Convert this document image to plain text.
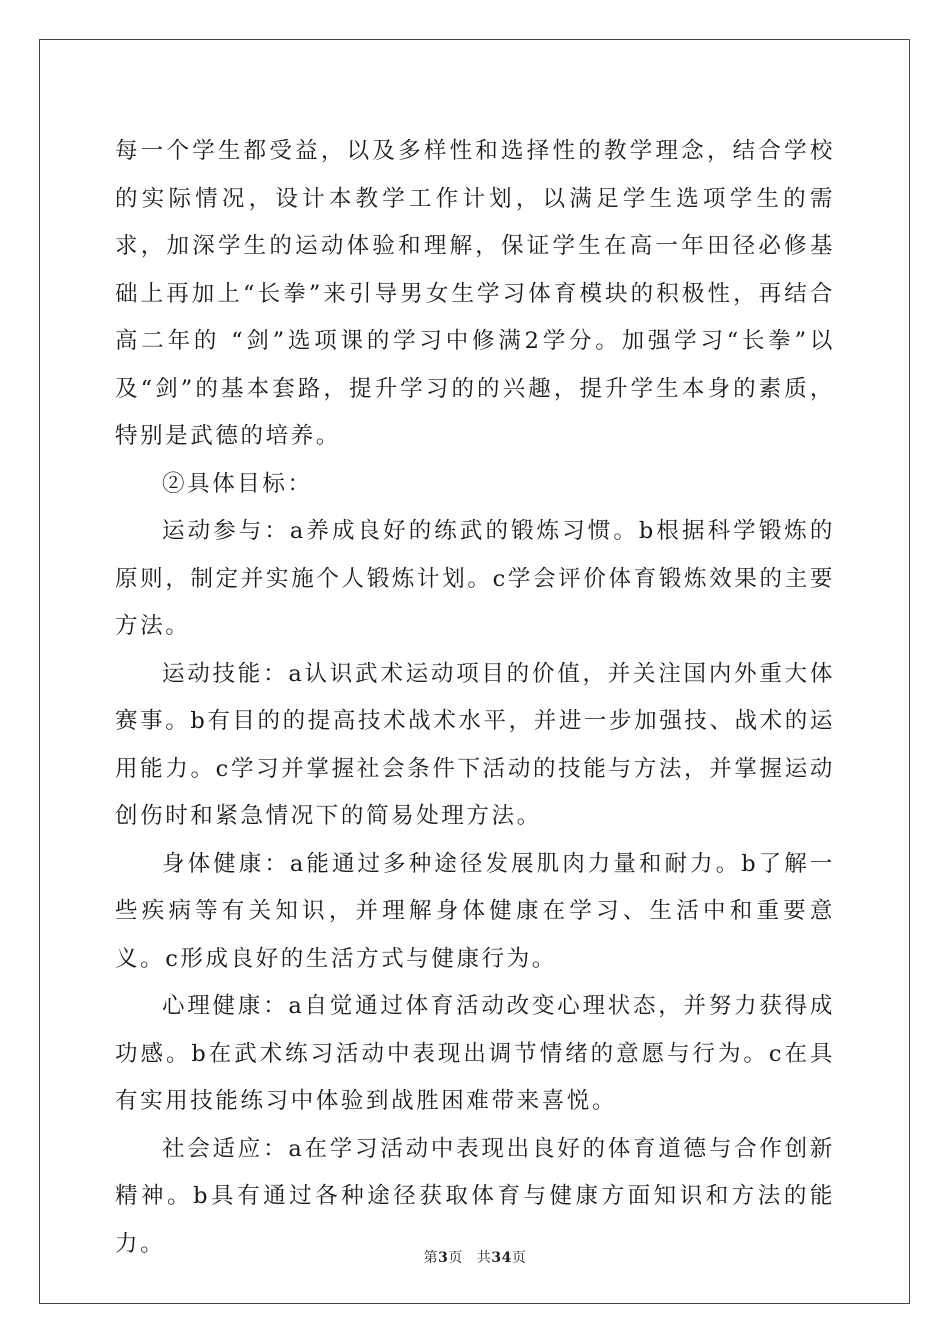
每一个学生都受益，以及多样性和选择性的教学理念，结合学校的实际情况，设计本教学工作计划，以满足学生选项学生的需求，加深学生的运动体验和理解，保证学生在高一年田径必修基础上再加上“长拳”来引导男女生学习体育模块的积极性，再结合高二年的 “剑”选项课的学习中修满2学分。加强学习“长拳”以及“剑”的基本套路，提升学习的的兴趣，提升学生本身的素质，特别是武德的培养。

②具体目标：

运动参与：a养成良好的练武的锻炼习惯。b根据科学锻炼的原则，制定并实施个人锻炼计划。c学会评价体育锻炼效果的主要方法。

运动技能：a认识武术运动项目的价值，并关注国内外重大体赛事。b有目的的提高技术战术水平，并进一步加强技、战术的运用能力。c学习并掌握社会条件下活动的技能与方法，并掌握运动创伤时和紧急情况下的简易处理方法。

身体健康：a能通过多种途径发展肌肉力量和耐力。b了解一些疾病等有关知识，并理解身体健康在学习、生活中和重要意义。c形成良好的生活方式与健康行为。

心理健康：a自觉通过体育活动改变心理状态，并努力获得成功感。b在武术练习活动中表现出调节情绪的意愿与行为。c在具有实用技能练习中体验到战胜困难带来喜悦。

社会适应：a在学习活动中表现出良好的体育道德与合作创新精神。b具有通过各种途径获取体育与健康方面知识和方法的能力。

第3页 共34页
